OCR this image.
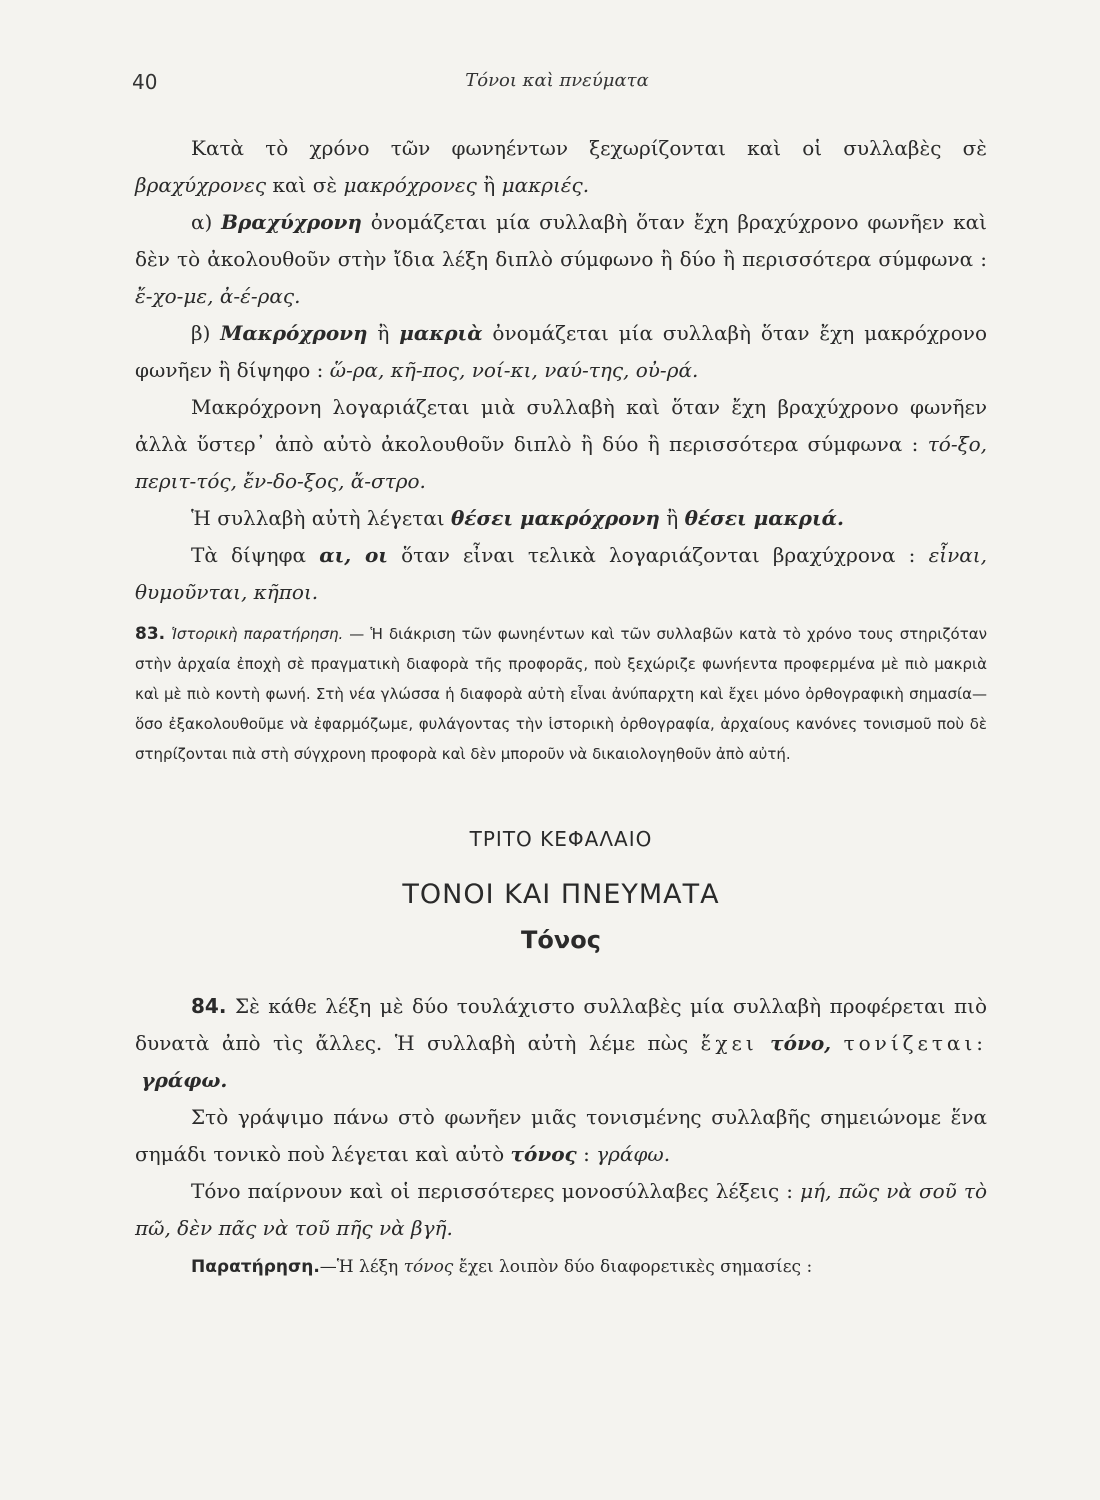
40	Τόνοι καὶ πνεύματα

Κατὰ τὸ χρόνο τῶν φωνηέντων ξεχωρίζονται καὶ οἱ συλλαβὲς σὲ βραχύχρονες καὶ σὲ μακρόχρονες ἢ μακριές.

α) Βραχύχρονη ὀνομάζεται μία συλλαβὴ ὅταν ἔχη βραχύχρονο φωνῆεν καὶ δὲν τὸ ἀκολουθοῦν στὴν ἴδια λέξη διπλὸ σύμφωνο ἢ δύο ἢ περισσότερα σύμφωνα : ἔ-χο-με, ἀ-έ-ρας.

β) Μακρόχρονη ἢ μακριὰ ὀνομάζεται μία συλλαβὴ ὅταν ἔχη μακρόχρονο φωνῆεν ἢ δίψηφο : ὥ-ρα, κῆ-πος, νοί-κι, ναύ-της, οὐ-ρά.

Μακρόχρονη λογαριάζεται μιὰ συλλαβὴ καὶ ὅταν ἔχη βραχύχρονο φωνῆεν ἀλλὰ ὕστερ᾽ ἀπὸ αὐτὸ ἀκολουθοῦν διπλὸ ἢ δύο ἢ περισσότερα σύμφωνα : τό-ξο, περιτ-τός, ἔν-δο-ξος, ἄ-στρο.

Ἡ συλλαβὴ αὐτὴ λέγεται θέσει μακρόχρονη ἢ θέσει μακριά.

Τὰ δίψηφα αι, οι ὅταν εἶναι τελικὰ λογαριάζονται βραχύχρονα : εἶναι, θυμοῦνται, κῆποι.

83. Ἱστορικὴ παρατήρηση. — Ἡ διάκριση τῶν φωνηέντων καὶ τῶν συλλαβῶν κατὰ τὸ χρόνο τους στηριζόταν στὴν ἀρχαία ἐποχὴ σὲ πραγματικὴ διαφορὰ τῆς προφορᾶς, ποὺ ξεχώριζε φωνήεντα προφερμένα μὲ πιὸ μακριὰ καὶ μὲ πιὸ κοντὴ φωνή. Στὴ νέα γλώσσα ἡ διαφορὰ αὐτὴ εἶναι ἀνύπαρχτη καὶ ἔχει μόνο ὀρθογραφικὴ σημασία—ὅσο ἐξακολουθοῦμε νὰ ἐφαρμόζωμε, φυλάγοντας τὴν ἱστορικὴ ὀρθογραφία, ἀρχαίους κανόνες τονισμοῦ ποὺ δὲ στηρίζονται πιὰ στὴ σύγχρονη προφορὰ καὶ δὲν μποροῦν νὰ δικαιολογηθοῦν ἀπὸ αὐτή.

ΤΡΙΤΟ ΚΕΦΑΛΑΙΟ
ΤΟΝΟΙ ΚΑΙ ΠΝΕΥΜΑΤΑ
Τόνος

84. Σὲ κάθε λέξη μὲ δύο τουλάχιστο συλλαβὲς μία συλλαβὴ προφέρεται πιὸ δυνατὰ ἀπὸ τὶς ἄλλες. Ἡ συλλαβὴ αὐτὴ λέμε πὼς ἔχει τόνο, τονίζεται:  γράφω.

Στὸ γράψιμο πάνω στὸ φωνῆεν μιᾶς τονισμένης συλλαβῆς σημειώνομε ἕνα σημάδι τονικὸ ποὺ λέγεται καὶ αὐτὸ τόνος : γράφω.

Τόνο παίρνουν καὶ οἱ περισσότερες μονοσύλλαβες λέξεις : μή, πῶς νὰ σοῦ τὸ πῶ, δὲν πᾶς νὰ τοῦ πῆς νὰ βγῆ.

Παρατήρηση.—Ἡ λέξη τόνος ἔχει λοιπὸν δύο διαφορετικὲς σημασίες :
